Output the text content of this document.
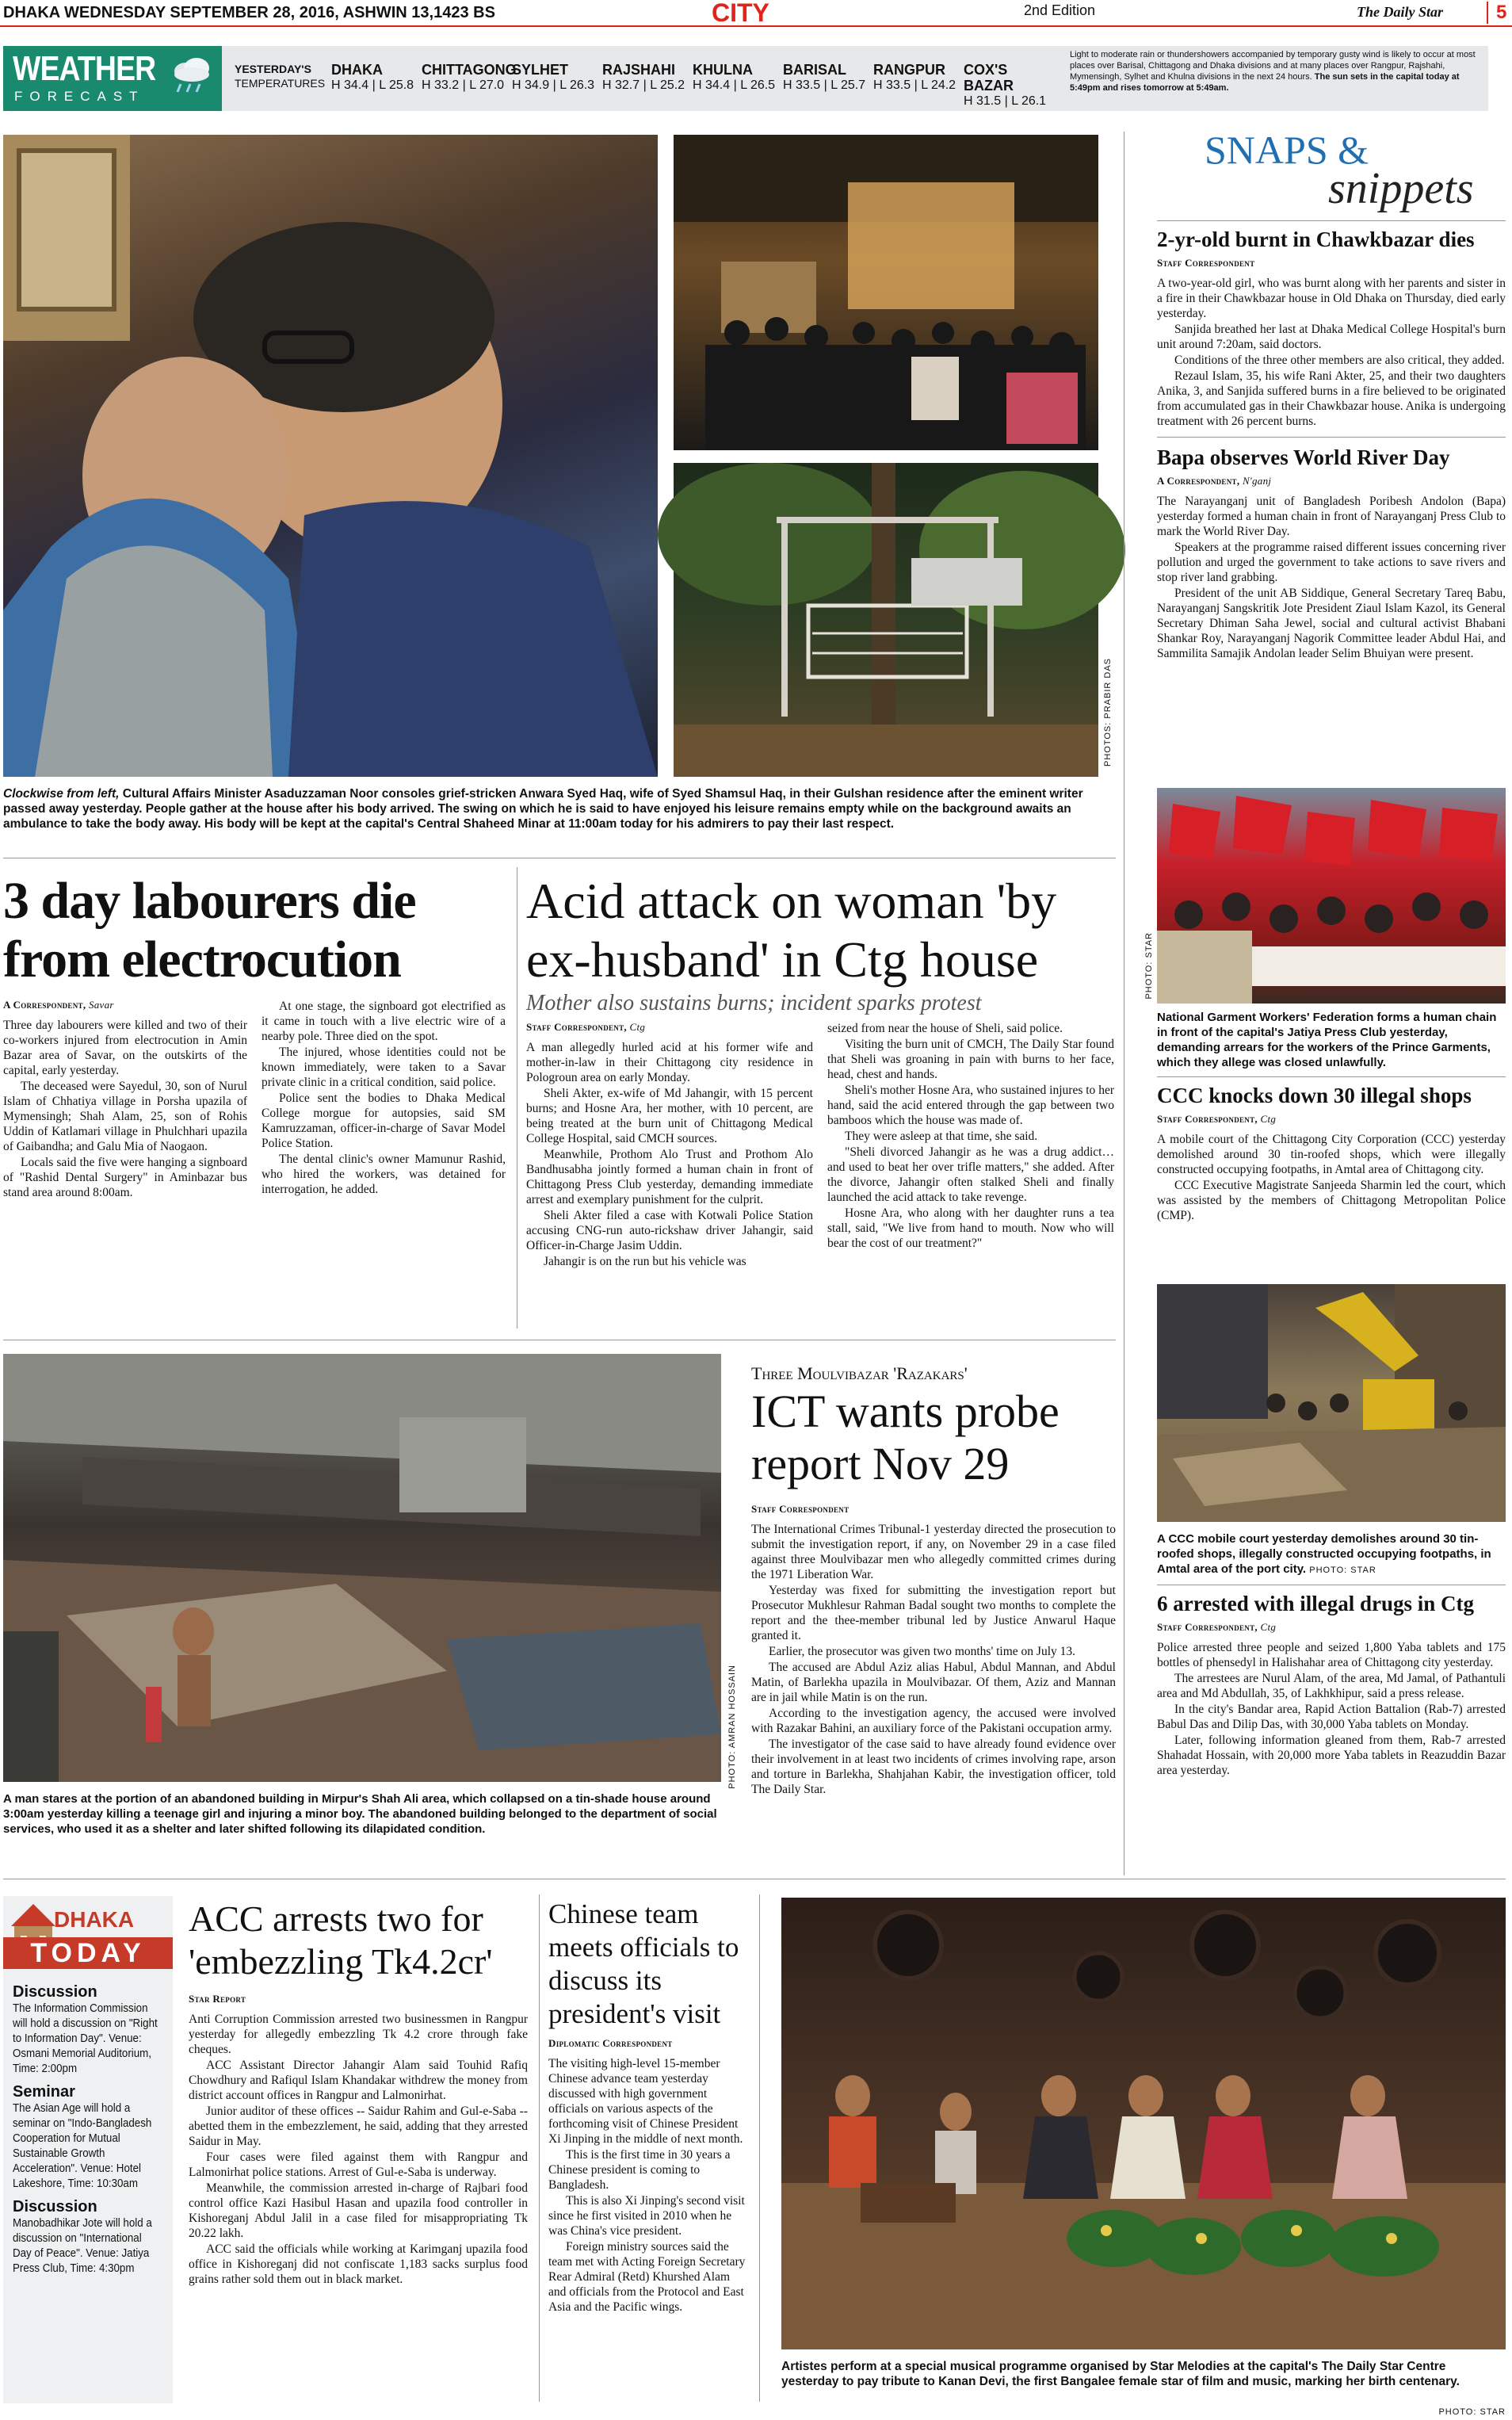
DHAKA WEDNESDAY SEPTEMBER 28, 2016, ASHWIN 13,1423 BS	CITY	2nd Edition	The Daily Star	5
WEATHER
FORECAST
YESTERDAY'S
TEMPERATURES
DHAKA
H 34.4 | L 25.8
CHITTAGONG
H 33.2 | L 27.0
SYLHET
H 34.9 | L 26.3
RAJSHAHI
H 32.7 | L 25.2
KHULNA
H 34.4 | L 26.5
BARISAL
H 33.5 | L 25.7
RANGPUR
H 33.5 | L 24.2
COX'S BAZAR
H 31.5 | L 26.1
Light to moderate rain or thundershowers accompanied by temporary gusty wind is likely to occur at most places over Barisal, Chittagong and Dhaka divisions and at many places over Rangpur, Rajshahi, Mymensingh, Sylhet and Khulna divisions in the next 24 hours. The sun sets in the capital today at 5:49pm and rises tomorrow at 5:49am.
PHOTOS: PRABIR DAS
Clockwise from left, Cultural Affairs Minister Asaduzzaman Noor consoles grief-stricken Anwara Syed Haq, wife of Syed Shamsul Haq, in their Gulshan residence after the eminent writer passed away yesterday. People gather at the house after his body arrived. The swing on which he is said to have enjoyed his leisure remains empty while on the background awaits an ambulance to take the body away. His body will be kept at the capital's Central Shaheed Minar at 11:00am today for his admirers to pay their last respect.
SNAPS &
snippets
2-yr-old burnt in Chawkbazar dies
Staff Correspondent

A two-year-old girl, who was burnt along with her parents and sister in a fire in their Chawkbazar house in Old Dhaka on Thursday, died early yesterday.

Sanjida breathed her last at Dhaka Medical College Hospital's burn unit around 7:20am, said doctors.

Conditions of the three other members are also critical, they added.

Rezaul Islam, 35, his wife Rani Akter, 25, and their two daughters Anika, 3, and Sanjida suffered burns in a fire believed to be originated from accumulated gas in their Chawkbazar house. Anika is undergoing treatment with 26 percent burns.

Bapa observes World River Day
A Correspondent, N'ganj

The Narayanganj unit of Bangladesh Poribesh Andolon (Bapa) yesterday formed a human chain in front of Narayanganj Press Club to mark the World River Day.

Speakers at the programme raised different issues concerning river pollution and urged the government to take actions to save rivers and stop river land grabbing.

President of the unit AB Siddique, General Secretary Tareq Babu, Narayanganj Sangskritik Jote President Ziaul Islam Kazol, its General Secretary Dhiman Saha Jewel, social and cultural activist Bhabani Shankar Roy, Narayanganj Nagorik Committee leader Abdul Hai, and Sammilita Samajik Andolan leader Selim Bhuiyan were present.

PHOTO: STAR
National Garment Workers' Federation forms a human chain in front of the capital's Jatiya Press Club yesterday, demanding arrears for the workers of the Prince Garments, which they allege was closed unlawfully.
CCC knocks down 30 illegal shops
Staff Correspondent, Ctg

A mobile court of the Chittagong City Corporation (CCC) yesterday demolished around 30 tin-roofed shops, which were illegally constructed occupying footpaths, in Amtal area of Chittagong city.

CCC Executive Magistrate Sanjeeda Sharmin led the court, which was assisted by the members of Chittagong Metropolitan Police (CMP).

A CCC mobile court yesterday demolishes around 30 tin-roofed shops, illegally constructed occupying footpaths, in Amtal area of the port city. PHOTO: STAR
6 arrested with illegal drugs in Ctg
Staff Correspondent, Ctg

Police arrested three people and seized 1,800 Yaba tablets and 175 bottles of phensedyl in Halishahar area of Chittagong city yesterday.

The arrestees are Nurul Alam, of the area, Md Jamal, of Pathantuli area and Md Abdullah, 35, of Lakhkhipur, said a press release.

In the city's Bandar area, Rapid Action Battalion (Rab-7) arrested Babul Das and Dilip Das, with 30,000 Yaba tablets on Monday.

Later, following information gleaned from them, Rab-7 arrested Shahadat Hossain, with 20,000 more Yaba tablets in Reazuddin Bazar area yesterday.

3 day labourers die
from electrocution
A Correspondent, Savar

Three day labourers were killed and two of their co-workers injured from electrocution in Amin Bazar area of Savar, on the outskirts of the capital, early yesterday.

The deceased were Sayedul, 30, son of Nurul Islam of Chhatiya village in Porsha upazila of Mymensingh; Shah Alam, 25, son of Rohis Uddin of Katlamari village in Phulchhari upazila of Gaibandha; and Galu Mia of Naogaon.

Locals said the five were hanging a signboard of "Rashid Dental Surgery" in Aminbazar bus stand area around 8:00am.

At one stage, the signboard got electrified as it came in touch with a live electric wire of a nearby pole. Three died on the spot.

The injured, whose identities could not be known immediately, were taken to a Savar private clinic in a critical condition, said police.

Police sent the bodies to Dhaka Medical College morgue for autopsies, said SM Kamruzzaman, officer-in-charge of Savar Model Police Station.

The dental clinic's owner Mamunur Rashid, who hired the workers, was detained for interrogation, he added.

Acid attack on woman 'by
ex-husband' in Ctg house
Mother also sustains burns; incident sparks protest
Staff Correspondent, Ctg

A man allegedly hurled acid at his former wife and mother-in-law in their Chittagong city residence in Pologroun area on early Monday.

Sheli Akter, ex-wife of Md Jahangir, with 15 percent burns; and Hosne Ara, her mother, with 10 percent, are being treated at the burn unit of Chittagong Medical College Hospital, said CMCH sources.

Meanwhile, Prothom Alo Trust and Prothom Alo Bandhusabha jointly formed a human chain in front of Chittagong Press Club yesterday, demanding immediate arrest and exemplary punishment for the culprit.

Sheli Akter filed a case with Kotwali Police Station accusing CNG-run auto-rickshaw driver Jahangir, said Officer-in-Charge Jasim Uddin.

Jahangir is on the run but his vehicle was

seized from near the house of Sheli, said police.

Visiting the burn unit of CMCH, The Daily Star found that Sheli was groaning in pain with burns to her face, head, chest and hands.

Sheli's mother Hosne Ara, who sustained injures to her hand, said the acid entered through the gap between two bamboos which the house was made of.

They were asleep at that time, she said.

"Sheli divorced Jahangir as he was a drug addict… and used to beat her over trifle matters," she added. After the divorce, Jahangir often stalked Sheli and finally launched the acid attack to take revenge.

Hosne Ara, who along with her daughter runs a tea stall, said, "We live from hand to mouth. Now who will bear the cost of our treatment?"

PHOTO: AMRAN HOSSAIN
A man stares at the portion of an abandoned building in Mirpur's Shah Ali area, which collapsed on a tin-shade house around 3:00am yesterday killing a teenage girl and injuring a minor boy. The abandoned building belonged to the department of social services, who used it as a shelter and later shifted following its dilapidated condition.
Three Moulvibazar 'Razakars'
ICT wants probe
report Nov 29
Staff Correspondent

The International Crimes Tribunal-1 yesterday directed the prosecution to submit the investigation report, if any, on November 29 in a case filed against three Moulvibazar men who allegedly committed crimes during the 1971 Liberation War.

Yesterday was fixed for submitting the investigation report but Prosecutor Mukhlesur Rahman Badal sought two months to complete the report and the thee-member tribunal led by Justice Anwarul Haque granted it.

Earlier, the prosecutor was given two months' time on July 13.

The accused are Abdul Aziz alias Habul, Abdul Mannan, and Abdul Matin, of Barlekha upazila in Moulvibazar. Of them, Aziz and Mannan are in jail while Matin is on the run.

According to the investigation agency, the accused were involved with Razakar Bahini, an auxiliary force of the Pakistani occupation army.

The investigator of the case said to have already found evidence over their involvement in at least two incidents of crimes involving rape, arson and torture in Barlekha, Shahjahan Kabir, the investigation officer, told The Daily Star.

DHAKA
TODAY
Discussion
The Information Commission will hold a discussion on "Right to Information Day". Venue: Osmani Memorial Auditorium, Time: 2:00pm
Seminar
The Asian Age will hold a seminar on "Indo-Bangladesh Cooperation for Mutual Sustainable Growth Acceleration". Venue: Hotel Lakeshore, Time: 10:30am
Discussion
Manobadhikar Jote will hold a discussion on "International Day of Peace". Venue: Jatiya Press Club, Time: 4:30pm
ACC arrests two for
'embezzling Tk4.2cr'
Star Report

Anti Corruption Commission arrested two businessmen in Rangpur yesterday for allegedly embezzling Tk 4.2 crore through fake cheques.

ACC Assistant Director Jahangir Alam said Touhid Rafiq Chowdhury and Rafiqul Islam Khandakar withdrew the money from district account offices in Rangpur and Lalmonirhat.

Junior auditor of these offices -- Saidur Rahim and Gul-e-Saba -- abetted them in the embezzlement, he said, adding that they arrested Saidur in May.

Four cases were filed against them with Rangpur and Lalmonirhat police stations. Arrest of Gul-e-Saba is underway.

Meanwhile, the commission arrested in-charge of Rajbari food control office Kazi Hasibul Hasan and upazila food controller in Kishoreganj Abdul Jalil in a case filed for misappropriating Tk 20.22 lakh.

ACC said the officials while working at Karimganj upazila food office in Kishoreganj did not confiscate 1,183 sacks surplus food grains rather sold them out in black market.

Chinese team meets officials to discuss its president's visit
Diplomatic Correspondent

The visiting high-level 15-member Chinese advance team yesterday discussed with high government officials on various aspects of the forthcoming visit of Chinese President Xi Jinping in the middle of next month.

This is the first time in 30 years a Chinese president is coming to Bangladesh.

This is also Xi Jinping's second visit since he first visited in 2010 when he was China's vice president.

Foreign ministry sources said the team met with Acting Foreign Secretary Rear Admiral (Retd) Khurshed Alam and officials from the Protocol and East Asia and the Pacific wings.

Artistes perform at a special musical programme organised by Star Melodies at the capital's The Daily Star Centre yesterday to pay tribute to Kanan Devi, the first Bangalee female star of film and music, marking her birth centenary.
PHOTO: STAR
